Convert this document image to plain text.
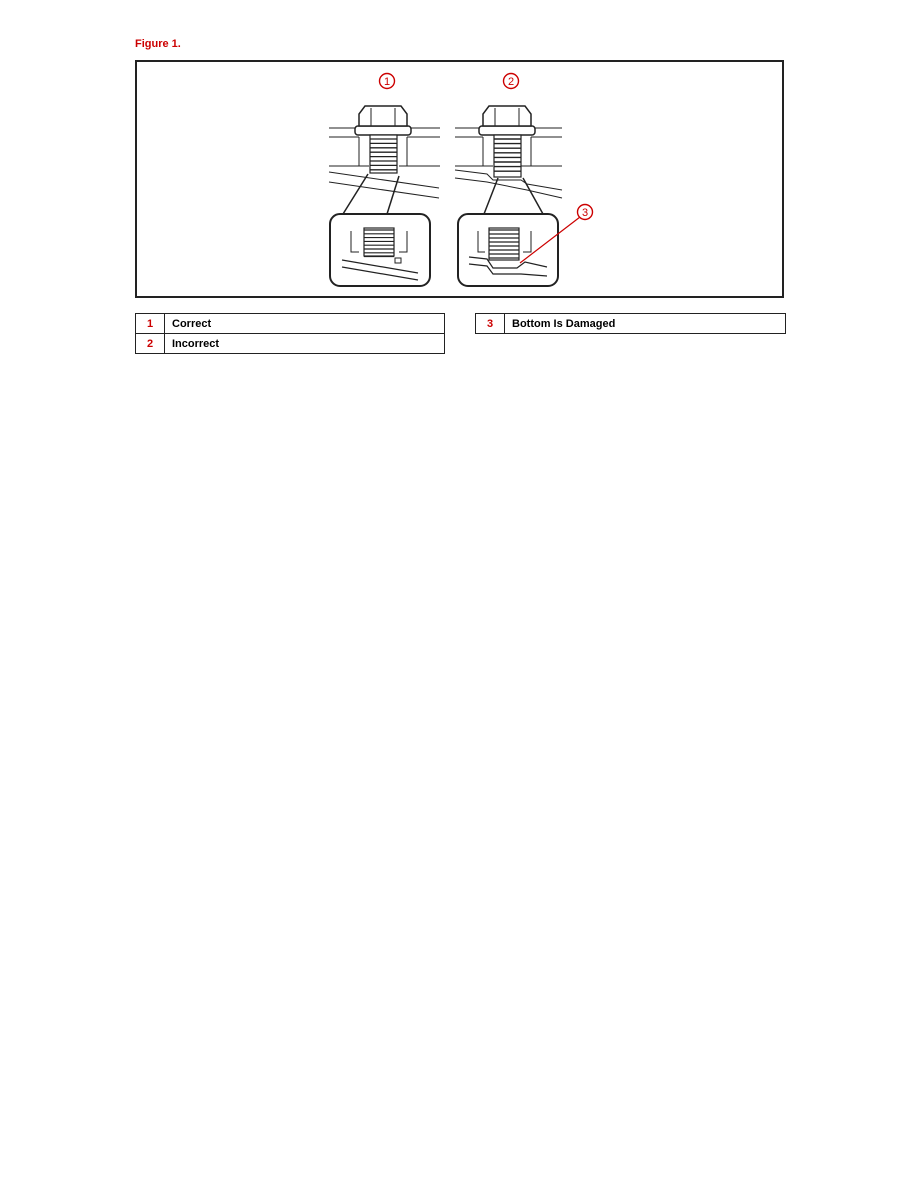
Figure 1.
1	2
3
1	Correct
2	Incorrect
3	Bottom Is Damaged
